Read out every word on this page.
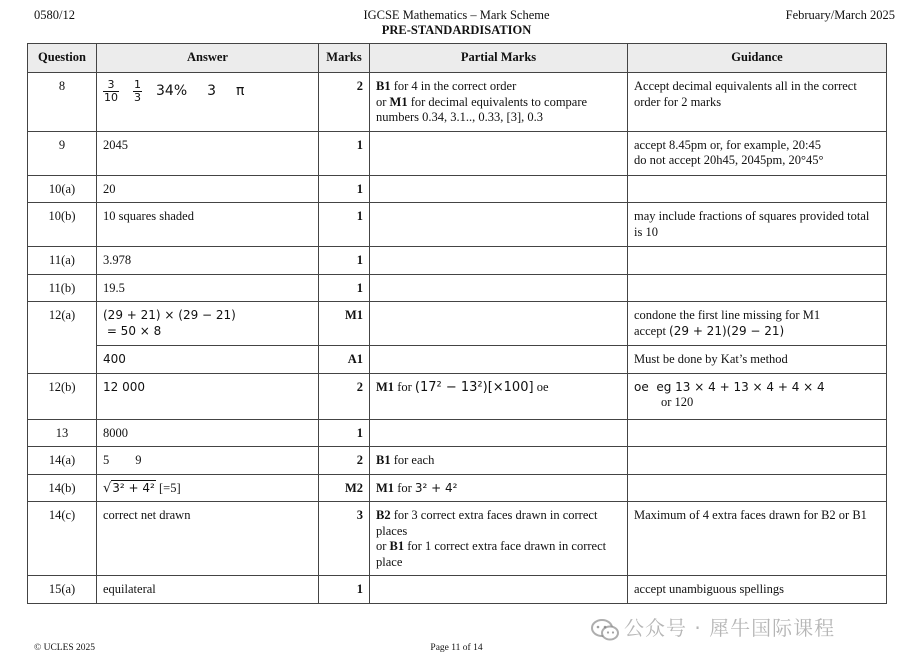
0580/12	IGCSE Mathematics – Mark Scheme
PRE-STANDARDISATION
February/March 2025
Question	Answer	Marks	Partial Marks	Guidance
8	$\frac{3}{10} \frac{1}{3} 34\%$ 3 π	2	B1 for 4 in the correct order
or M1 for decimal equivalents to compare numbers 0.34, 3.1.., 0.33, [3], 0.3	Accept decimal equivalents all in the correct order for 2 marks
9	2045	1		accept 8.45pm or, for example, 20:45
do not accept 20h45, 2045pm, 20°45°
10(a)	20	1		
10(b)	10 squares shaded	1		may include fractions of squares provided total is 10
11(a)	3.978	1		
11(b)	19.5	1		
12(a)	(29 + 21) × (29 − 21)
= 50 × 8	M1		condone the first line missing for M1
accept (29 + 21)(29 − 21)
	400	A1		Must be done by Kat’s method
12(b)	12 000	2	M1 for (17² − 13²)[×100] oe	oe  eg 13 × 4 + 13 × 4 + 4 × 4
or 120
13	8000	1		
14(a)	5 9	2	B1 for each	
14(b)	√3² + 4² [=5]	M2	M1 for 3² + 4²	
14(c)	correct net drawn	3	B2 for 3 correct extra faces drawn in correct places
or B1 for 1 correct extra face drawn in correct place	Maximum of 4 extra faces drawn for B2 or B1
15(a)	equilateral	1		accept unambiguous spellings
公众号 · 犀牛国际课程
© UCLES 2025	Page 11 of 14
